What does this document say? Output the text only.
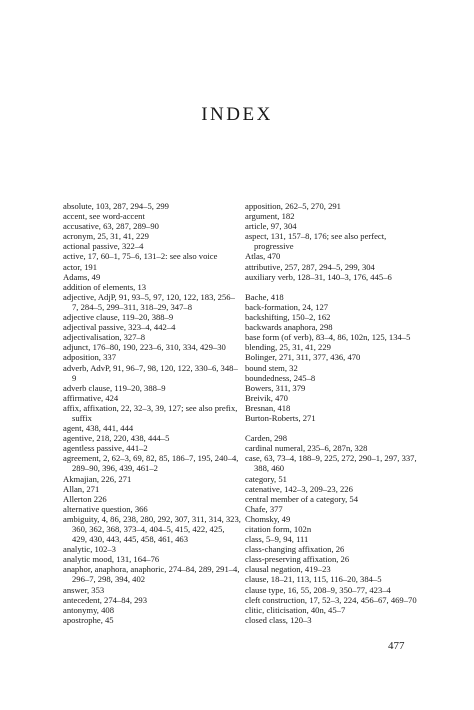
INDEX
absolute, 103, 287, 294–5, 299
accent, see word-accent
accusative, 63, 287, 289–90
acronym, 25, 31, 41, 229
actional passive, 322–4
active, 17, 60–1, 75–6, 131–2: see also voice
actor, 191
Adams, 49
addition of elements, 13
adjective, AdjP, 91, 93–5, 97, 120, 122, 183, 256–7, 284–5, 299–311, 318–29, 347–8
adjective clause, 119–20, 388–9
adjectival passive, 323–4, 442–4
adjectivalisation, 327–8
adjunct, 176–80, 190, 223–6, 310, 334, 429–30
adposition, 337
adverb, AdvP, 91, 96–7, 98, 120, 122, 330–6, 348–9
adverb clause, 119–20, 388–9
affirmative, 424
affix, affixation, 22, 32–3, 39, 127; see also prefix, suffix
agent, 438, 441, 444
agentive, 218, 220, 438, 444–5
agentless passive, 441–2
agreement, 2, 62–3, 69, 82, 85, 186–7, 195, 240–4, 289–90, 396, 439, 461–2
Akmajian, 226, 271
Allan, 271
Allerton 226
alternative question, 366
ambiguity, 4, 86, 238, 280, 292, 307, 311, 314, 323, 360, 362, 368, 373–4, 404–5, 415, 422, 425, 429, 430, 443, 445, 458, 461, 463
analytic, 102–3
analytic mood, 131, 164–76
anaphor, anaphora, anaphoric, 274–84, 289, 291–4, 296–7, 298, 394, 402
answer, 353
antecedent, 274–84, 293
antonymy, 408
apostrophe, 45
apposition, 262–5, 270, 291
argument, 182
article, 97, 304
aspect, 131, 157–8, 176; see also perfect, progressive
Atlas, 470
attributive, 257, 287, 294–5, 299, 304
auxiliary verb, 128–31, 140–3, 176, 445–6
Bache, 418
back-formation, 24, 127
backshifting, 150–2, 162
backwards anaphora, 298
base form (of verb), 83–4, 86, 102n, 125, 134–5
blending, 25, 31, 41, 229
Bolinger, 271, 311, 377, 436, 470
bound stem, 32
boundedness, 245–8
Bowers, 311, 379
Breivik, 470
Bresnan, 418
Burton-Roberts, 271
Carden, 298
cardinal numeral, 235–6, 287n, 328
case, 63, 73–4, 188–9, 225, 272, 290–1, 297, 337, 388, 460
category, 51
catenative, 142–3, 209–23, 226
central member of a category, 54
Chafe, 377
Chomsky, 49
citation form, 102n
class, 5–9, 94, 111
class-changing affixation, 26
class-preserving affixation, 26
clausal negation, 419–23
clause, 18–21, 113, 115, 116–20, 384–5
clause type, 16, 55, 208–9, 350–77, 423–4
cleft construction, 17, 52–3, 224, 456–67, 469–70
clitic, cliticisation, 40n, 45–7
closed class, 120–3
477
